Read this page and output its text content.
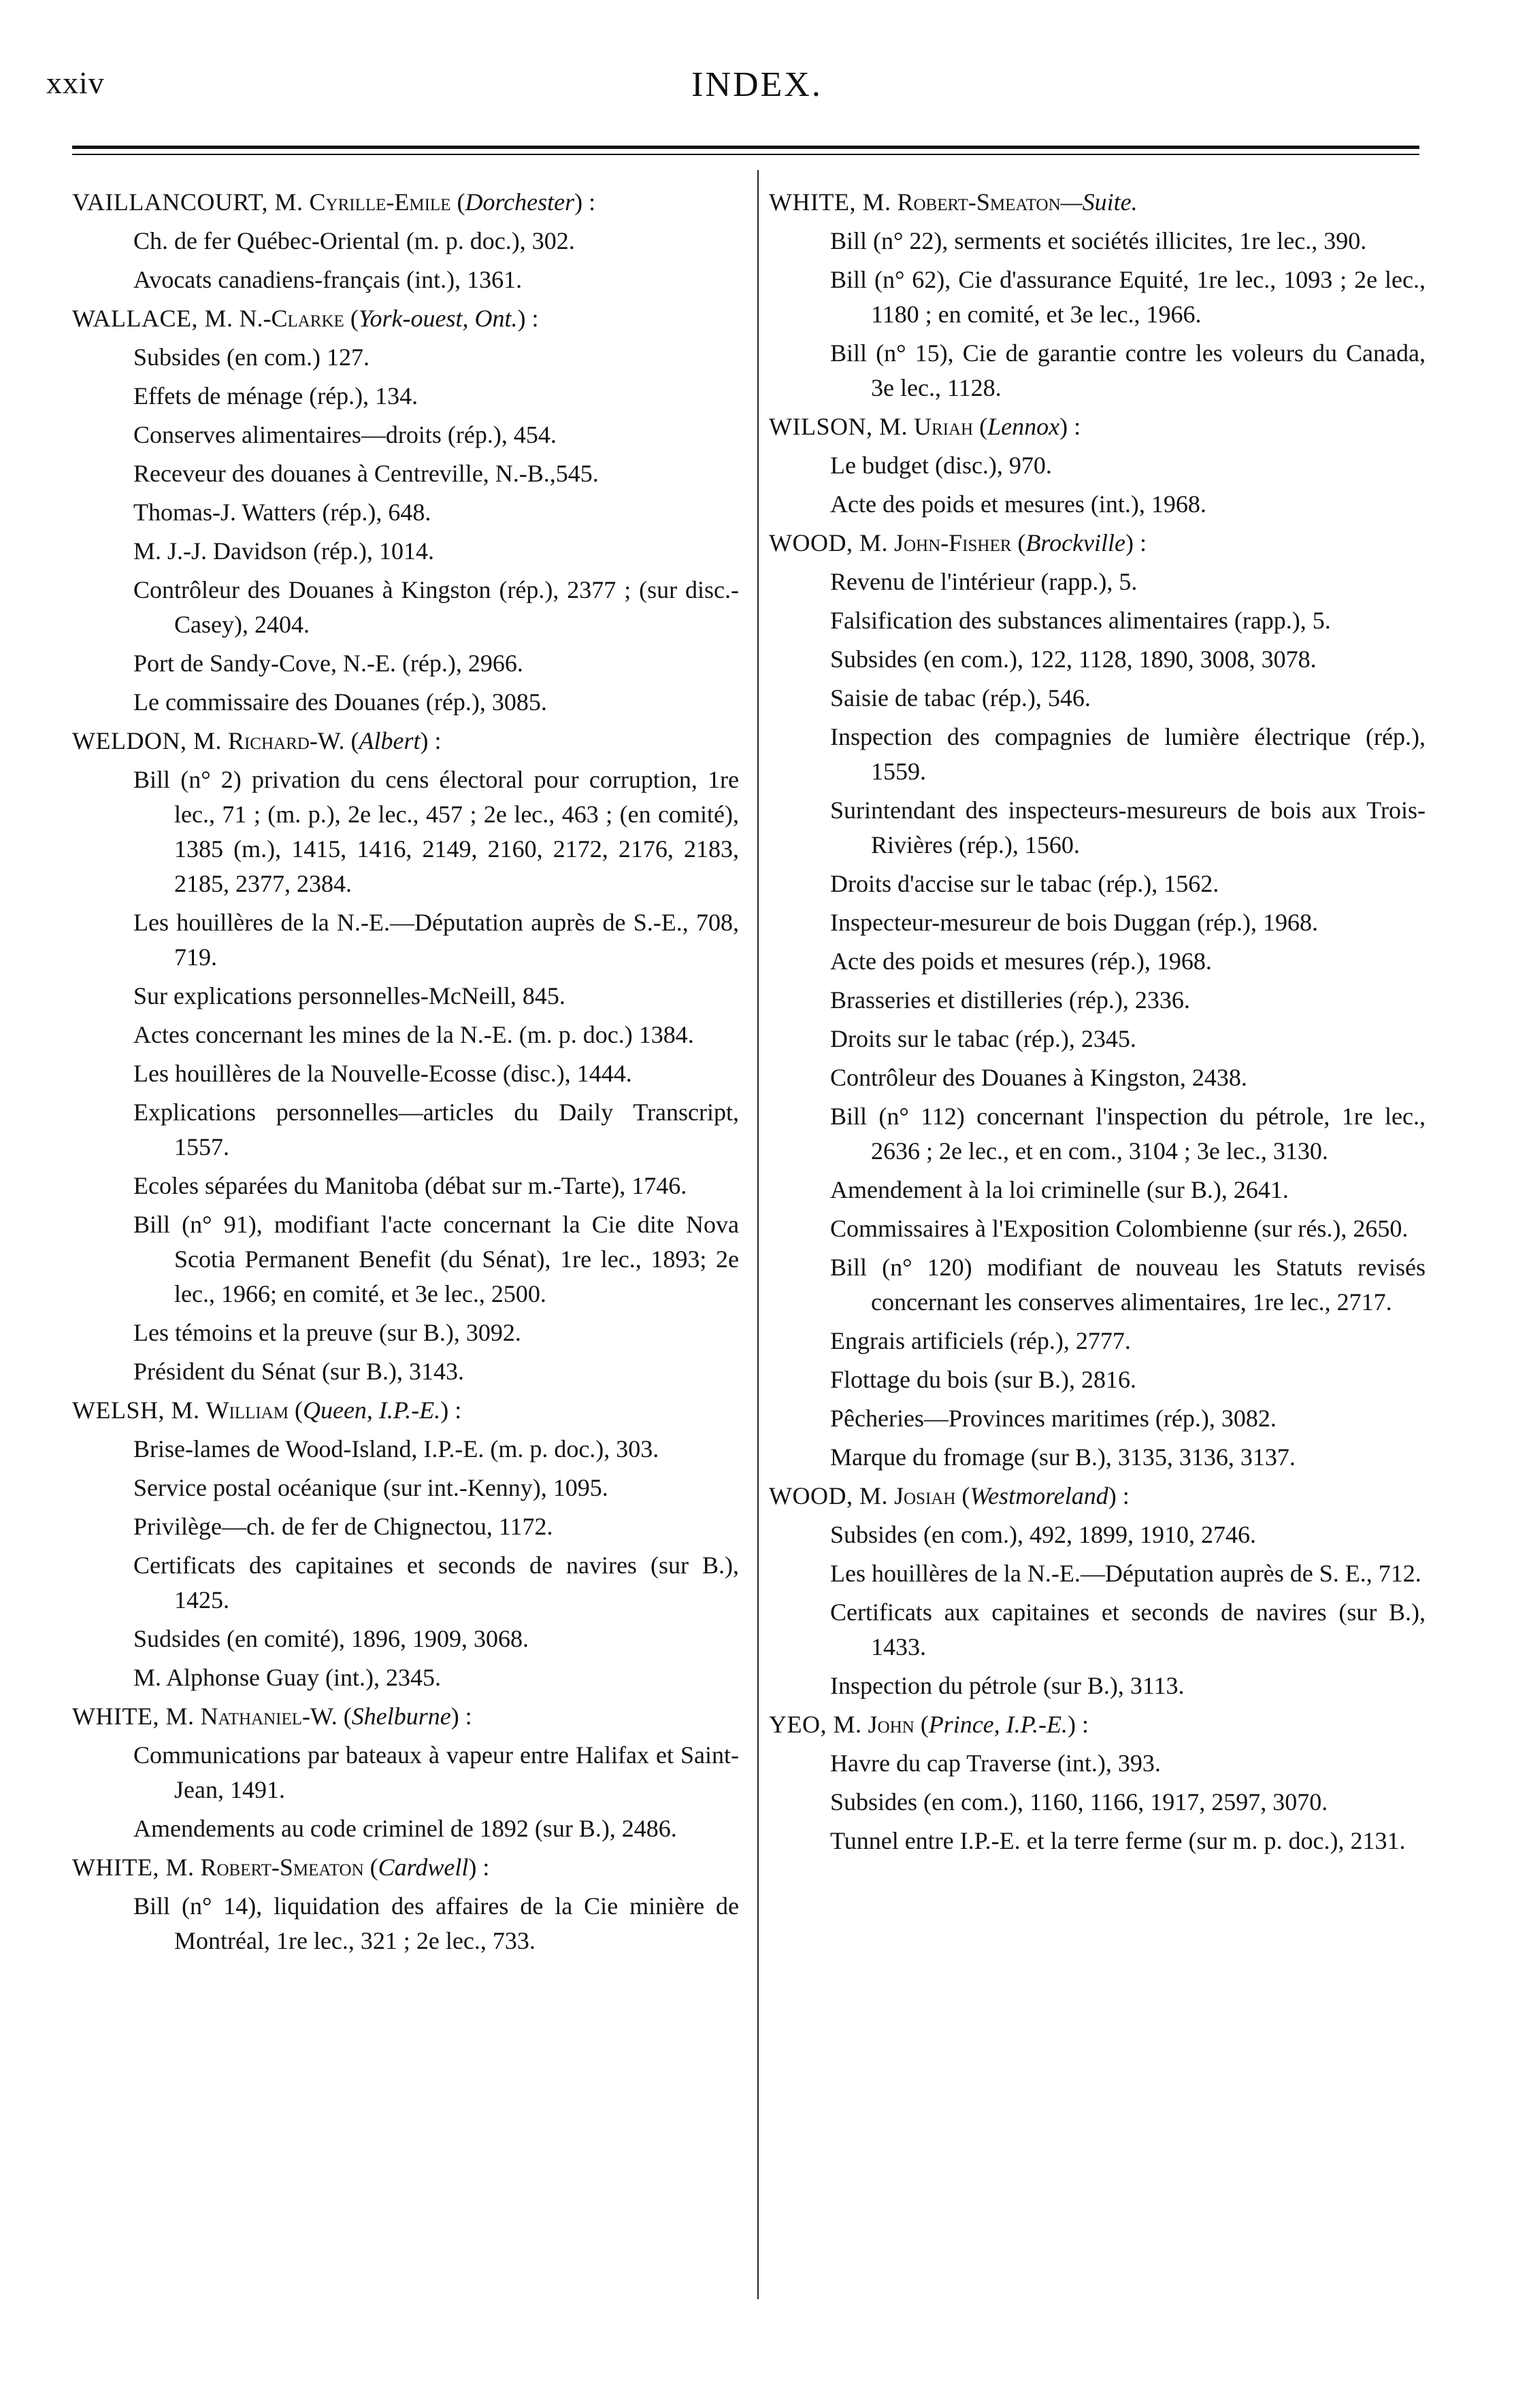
xxiv	INDEX.
VAILLANCOURT, M. Cyrille-Emile (Dorchester) :
Ch. de fer Québec-Oriental (m. p. doc.), 302.
Avocats canadiens-français (int.), 1361.
WALLACE, M. N.-Clarke (York-ouest, Ont.) :
Subsides (en com.) 127.
Effets de ménage (rép.), 134.
Conserves alimentaires—droits (rép.), 454.
Receveur des douanes à Centreville, N.-B.,545.
Thomas-J. Watters (rép.), 648.
M. J.-J. Davidson (rép.), 1014.
Contrôleur des Douanes à Kingston (rép.), 2377 ; (sur disc.-Casey), 2404.
Port de Sandy-Cove, N.-E. (rép.), 2966.
Le commissaire des Douanes (rép.), 3085.
WELDON, M. Richard-W. (Albert) :
Bill (n° 2) privation du cens électoral pour corruption, 1re lec., 71 ; (m. p.), 2e lec., 457 ; 2e lec., 463 ; (en comité), 1385 (m.), 1415, 1416, 2149, 2160, 2172, 2176, 2183, 2185, 2377, 2384.
Les houillères de la N.-E.—Députation auprès de S.-E., 708, 719.
Sur explications personnelles-McNeill, 845.
Actes concernant les mines de la N.-E. (m. p. doc.) 1384.
Les houillères de la Nouvelle-Ecosse (disc.), 1444.
Explications personnelles—articles du Daily Transcript, 1557.
Ecoles séparées du Manitoba (débat sur m.-Tarte), 1746.
Bill (n° 91), modifiant l'acte concernant la Cie dite Nova Scotia Permanent Benefit (du Sénat), 1re lec., 1893; 2e lec., 1966; en comité, et 3e lec., 2500.
Les témoins et la preuve (sur B.), 3092.
Président du Sénat (sur B.), 3143.
WELSH, M. William (Queen, I.P.-E.) :
Brise-lames de Wood-Island, I.P.-E. (m. p. doc.), 303.
Service postal océanique (sur int.-Kenny), 1095.
Privilège—ch. de fer de Chignectou, 1172.
Certificats des capitaines et seconds de navires (sur B.), 1425.
Sudsides (en comité), 1896, 1909, 3068.
M. Alphonse Guay (int.), 2345.
WHITE, M. Nathaniel-W. (Shelburne) :
Communications par bateaux à vapeur entre Halifax et Saint-Jean, 1491.
Amendements au code criminel de 1892 (sur B.), 2486.
WHITE, M. Robert-Smeaton (Cardwell) :
Bill (n° 14), liquidation des affaires de la Cie minière de Montréal, 1re lec., 321 ; 2e lec., 733.
WHITE, M. Robert-Smeaton—Suite.
Bill (n° 22), serments et sociétés illicites, 1re lec., 390.
Bill (n° 62), Cie d'assurance Equité, 1re lec., 1093 ; 2e lec., 1180 ; en comité, et 3e lec., 1966.
Bill (n° 15), Cie de garantie contre les voleurs du Canada, 3e lec., 1128.
WILSON, M. Uriah (Lennox) :
Le budget (disc.), 970.
Acte des poids et mesures (int.), 1968.
WOOD, M. John-Fisher (Brockville) :
Revenu de l'intérieur (rapp.), 5.
Falsification des substances alimentaires (rapp.), 5.
Subsides (en com.), 122, 1128, 1890, 3008, 3078.
Saisie de tabac (rép.), 546.
Inspection des compagnies de lumière électrique (rép.), 1559.
Surintendant des inspecteurs-mesureurs de bois aux Trois-Rivières (rép.), 1560.
Droits d'accise sur le tabac (rép.), 1562.
Inspecteur-mesureur de bois Duggan (rép.), 1968.
Acte des poids et mesures (rép.), 1968.
Brasseries et distilleries (rép.), 2336.
Droits sur le tabac (rép.), 2345.
Contrôleur des Douanes à Kingston, 2438.
Bill (n° 112) concernant l'inspection du pétrole, 1re lec., 2636 ; 2e lec., et en com., 3104 ; 3e lec., 3130.
Amendement à la loi criminelle (sur B.), 2641.
Commissaires à l'Exposition Colombienne (sur rés.), 2650.
Bill (n° 120) modifiant de nouveau les Statuts revisés concernant les conserves alimentaires, 1re lec., 2717.
Engrais artificiels (rép.), 2777.
Flottage du bois (sur B.), 2816.
Pêcheries—Provinces maritimes (rép.), 3082.
Marque du fromage (sur B.), 3135, 3136, 3137.
WOOD, M. Josiah (Westmoreland) :
Subsides (en com.), 492, 1899, 1910, 2746.
Les houillères de la N.-E.—Députation auprès de S. E., 712.
Certificats aux capitaines et seconds de navires (sur B.), 1433.
Inspection du pétrole (sur B.), 3113.
YEO, M. John (Prince, I.P.-E.) :
Havre du cap Traverse (int.), 393.
Subsides (en com.), 1160, 1166, 1917, 2597, 3070.
Tunnel entre I.P.-E. et la terre ferme (sur m. p. doc.), 2131.
